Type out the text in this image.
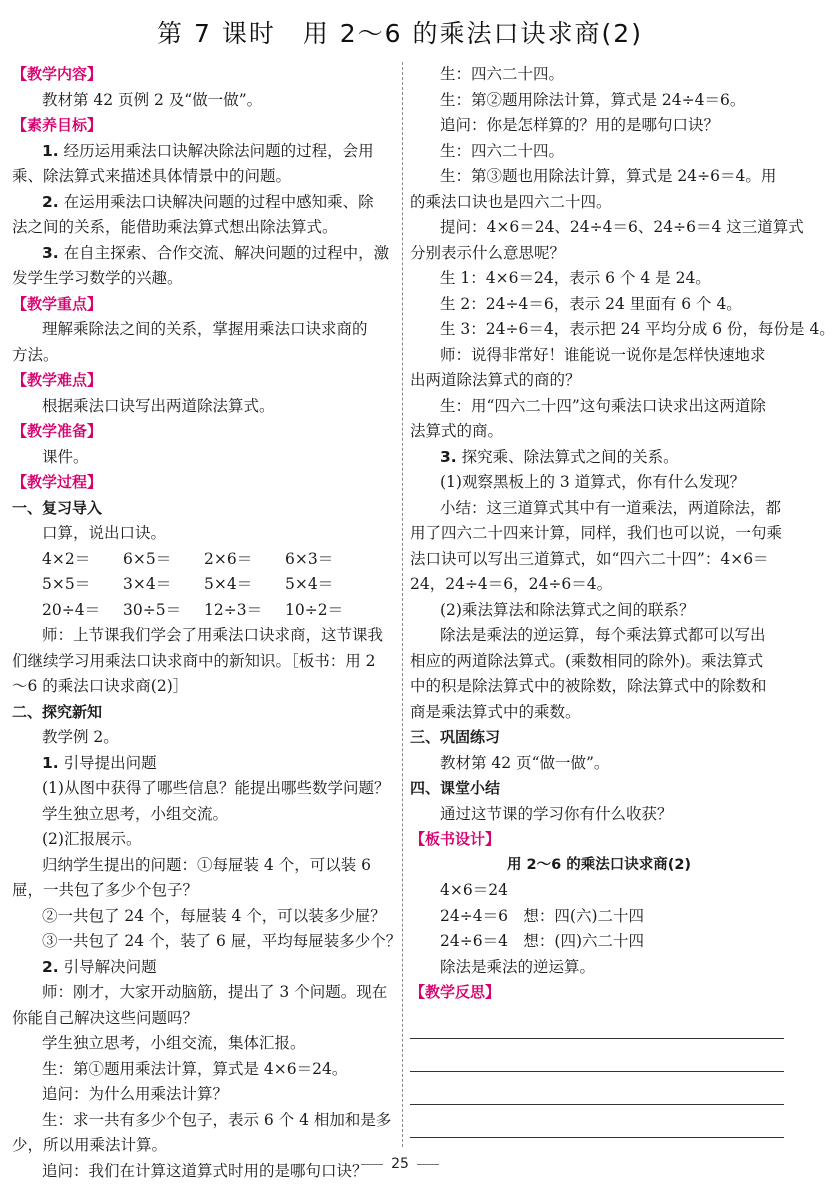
第 7 课时　用 2～6 的乘法口诀求商(2)
【教学内容】
教材第 42 页例 2 及“做一做”。
【素养目标】
1. 经历运用乘法口诀解决除法问题的过程，会用
乘、除法算式来描述具体情景中的问题。
2. 在运用乘法口诀解决问题的过程中感知乘、除
法之间的关系，能借助乘法算式想出除法算式。
3. 在自主探索、合作交流、解决问题的过程中，激
发学生学习数学的兴趣。
【教学重点】
理解乘除法之间的关系，掌握用乘法口诀求商的
方法。
【教学难点】
根据乘法口诀写出两道除法算式。
【教学准备】
课件。
【教学过程】
一、复习导入
口算，说出口诀。
4×2＝	6×5＝	2×6＝	6×3＝
5×5＝	3×4＝	5×4＝	5×4＝
20÷4＝	30÷5＝	12÷3＝	10÷2＝
师：上节课我们学会了用乘法口诀求商，这节课我
们继续学习用乘法口诀求商中的新知识。［板书：用 2
～6 的乘法口诀求商(2)］
二、探究新知
教学例 2。
1. 引导提出问题
(1)从图中获得了哪些信息？能提出哪些数学问题？
学生独立思考，小组交流。
(2)汇报展示。
归纳学生提出的问题：①每屉装 4 个，可以装 6
屉，一共包了多少个包子？
②一共包了 24 个，每屉装 4 个，可以装多少屉？
③一共包了 24 个，装了 6 屉，平均每屉装多少个？
2. 引导解决问题
师：刚才，大家开动脑筋，提出了 3 个问题。现在
你能自己解决这些问题吗？
学生独立思考，小组交流，集体汇报。
生：第①题用乘法计算，算式是 4×6＝24。
追问：为什么用乘法计算？
生：求一共有多少个包子，表示 6 个 4 相加和是多
少，所以用乘法计算。
追问：我们在计算这道算式时用的是哪句口诀？
生：四六二十四。
生：第②题用除法计算，算式是 24÷4＝6。
追问：你是怎样算的？用的是哪句口诀？
生：四六二十四。
生：第③题也用除法计算，算式是 24÷6＝4。用
的乘法口诀也是四六二十四。
提问：4×6＝24、24÷4＝6、24÷6＝4 这三道算式
分别表示什么意思呢？
生 1：4×6＝24，表示 6 个 4 是 24。
生 2：24÷4＝6，表示 24 里面有 6 个 4。
生 3：24÷6＝4，表示把 24 平均分成 6 份，每份是 4。
师：说得非常好！谁能说一说你是怎样快速地求
出两道除法算式的商的？
生：用“四六二十四”这句乘法口诀求出这两道除
法算式的商。
3. 探究乘、除法算式之间的关系。
(1)观察黑板上的 3 道算式，你有什么发现？
小结：这三道算式其中有一道乘法，两道除法，都
用了四六二十四来计算，同样，我们也可以说，一句乘
法口诀可以写出三道算式，如“四六二十四”：4×6＝
24，24÷4＝6，24÷6＝4。
(2)乘法算法和除法算式之间的联系？
除法是乘法的逆运算，每个乘法算式都可以写出
相应的两道除法算式。(乘数相同的除外)。乘法算式
中的积是除法算式中的被除数，除法算式中的除数和
商是乘法算式中的乘数。
三、巩固练习
教材第 42 页“做一做”。
四、课堂小结
通过这节课的学习你有什么收获？
【板书设计】
用 2～6 的乘法口诀求商(2)
4×6＝24
24÷4＝6　想：四(六)二十四
24÷6＝4　想：(四)六二十四
除法是乘法的逆运算。
【教学反思】
25
